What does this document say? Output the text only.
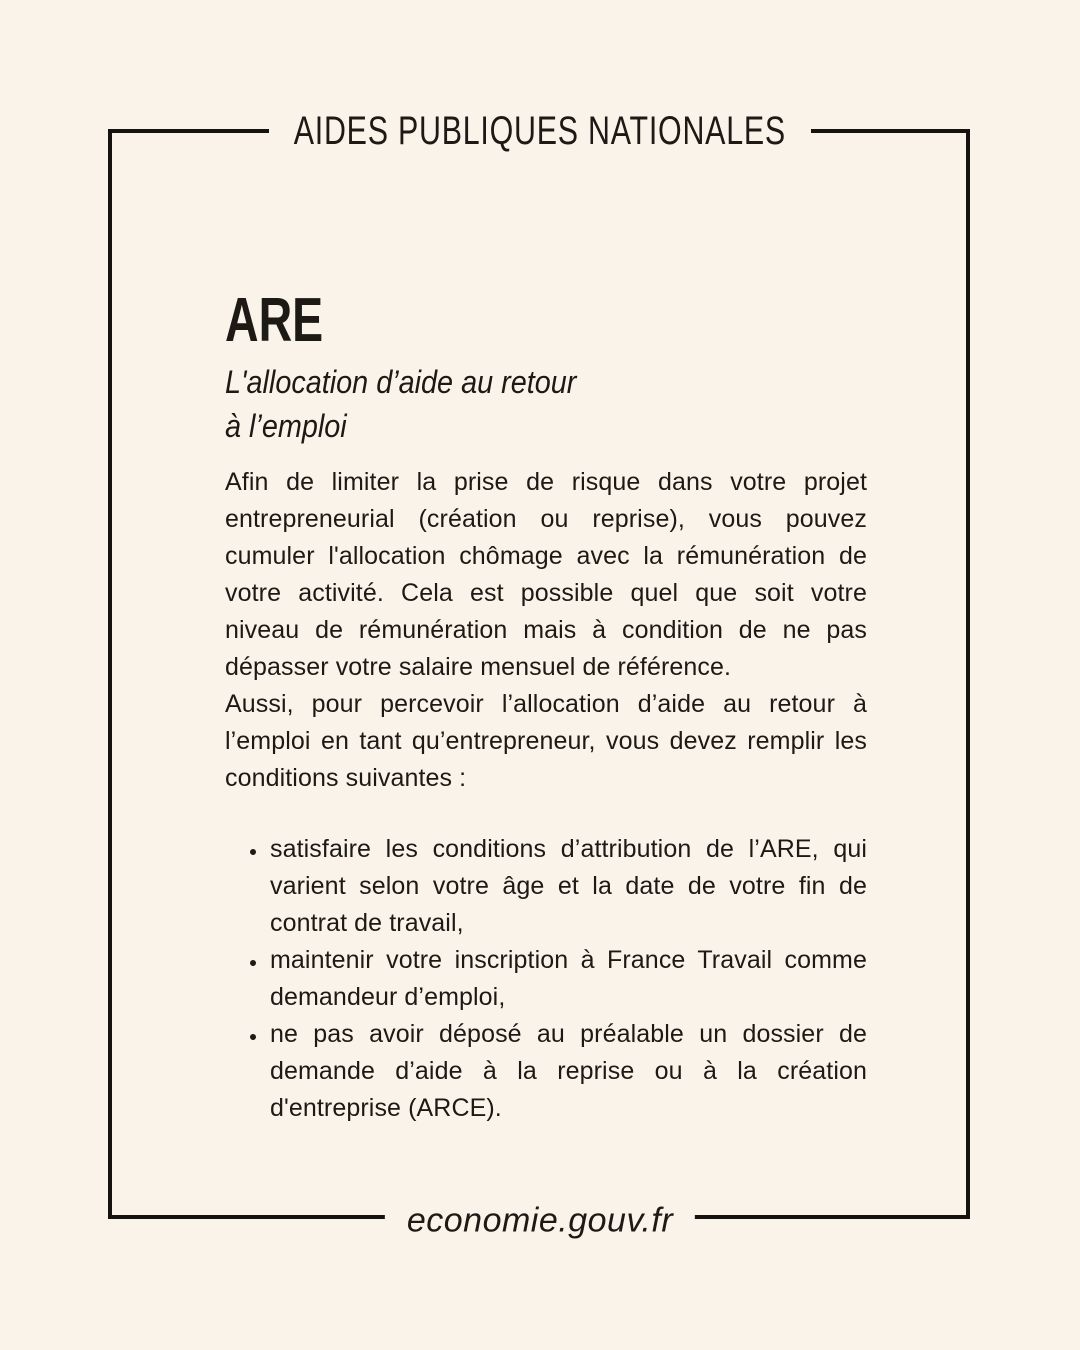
AIDES PUBLIQUES NATIONALES
ARE
L'allocation d’aide au retour
à l’emploi

Afin de limiter la prise de risque dans votre projet entrepreneurial (création ou reprise), vous pouvez cumuler l'allocation chômage avec la rémunération de votre activité. Cela est possible quel que soit votre niveau de rémunération mais à condition de ne pas dépasser votre salaire mensuel de référence.

Aussi, pour percevoir l’allocation d’aide au retour à l’emploi en tant qu’entrepreneur, vous devez remplir les conditions suivantes :

• satisfaire les conditions d’attribution de l’ARE, qui varient selon votre âge et la date de votre fin de contrat de travail,
• maintenir votre inscription à France Travail comme demandeur d’emploi,
• ne pas avoir déposé au préalable un dossier de demande d’aide à la reprise ou à la création d'entreprise (ARCE).
economie.gouv.fr
